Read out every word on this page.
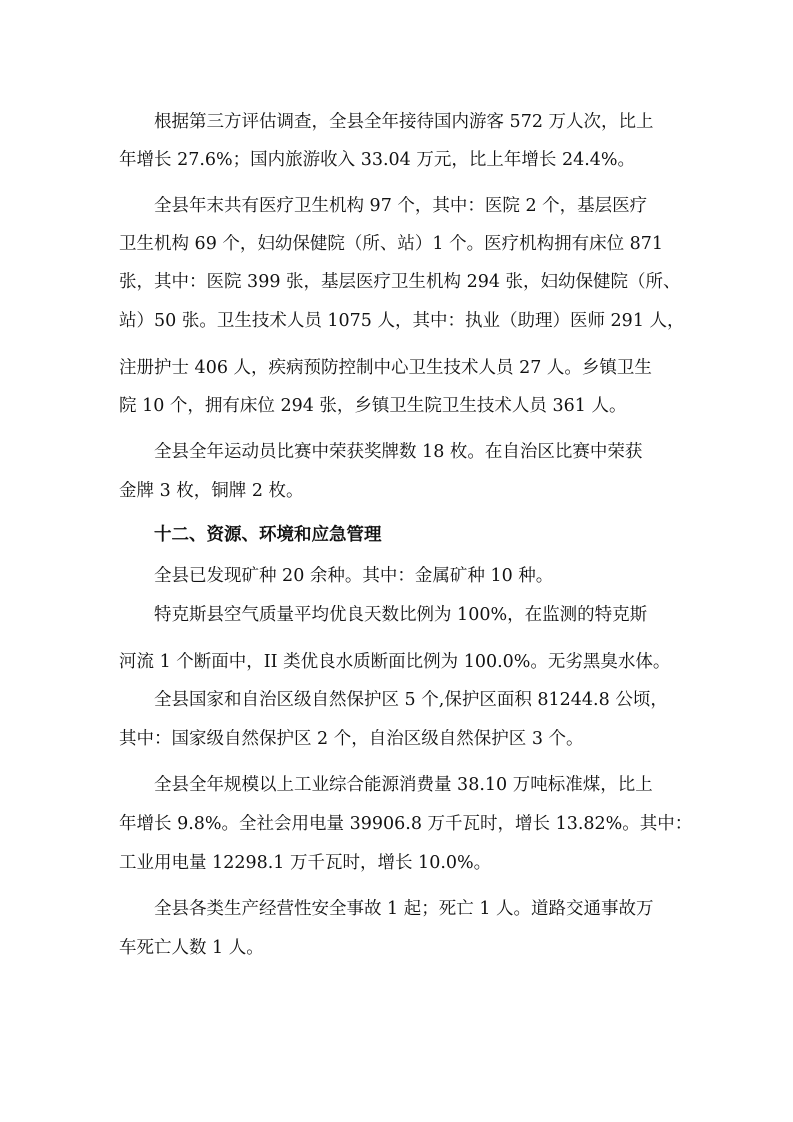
根据第三方评估调查，全县全年接待国内游客 572 万人次，比上
年增长 27.6%；国内旅游收入 33.04 万元，比上年增长 24.4%。
全县年末共有医疗卫生机构 97 个，其中：医院 2 个，基层医疗
卫生机构 69 个，妇幼保健院（所、站）1 个。医疗机构拥有床位 871
张，其中：医院 399 张，基层医疗卫生机构 294 张，妇幼保健院（所、
站）50 张。卫生技术人员 1075 人，其中：执业（助理）医师 291 人，
注册护士 406 人，疾病预防控制中心卫生技术人员 27 人。乡镇卫生
院 10 个，拥有床位 294 张，乡镇卫生院卫生技术人员 361 人。
全县全年运动员比赛中荣获奖牌数 18 枚。在自治区比赛中荣获
金牌 3 枚，铜牌 2 枚。
十二、资源、环境和应急管理
全县已发现矿种 20 余种。其中：金属矿种 10 种。
特克斯县空气质量平均优良天数比例为 100%，在监测的特克斯
河流 1 个断面中，II 类优良水质断面比例为 100.0%。无劣黑臭水体。
全县国家和自治区级自然保护区 5 个,保护区面积 81244.8 公顷，
其中：国家级自然保护区 2 个，自治区级自然保护区 3 个。
全县全年规模以上工业综合能源消费量 38.10 万吨标准煤，比上
年增长 9.8%。全社会用电量 39906.8 万千瓦时，增长 13.82%。其中：
工业用电量 12298.1 万千瓦时，增长 10.0%。
全县各类生产经营性安全事故 1 起；死亡 1 人。道路交通事故万
车死亡人数 1 人。
